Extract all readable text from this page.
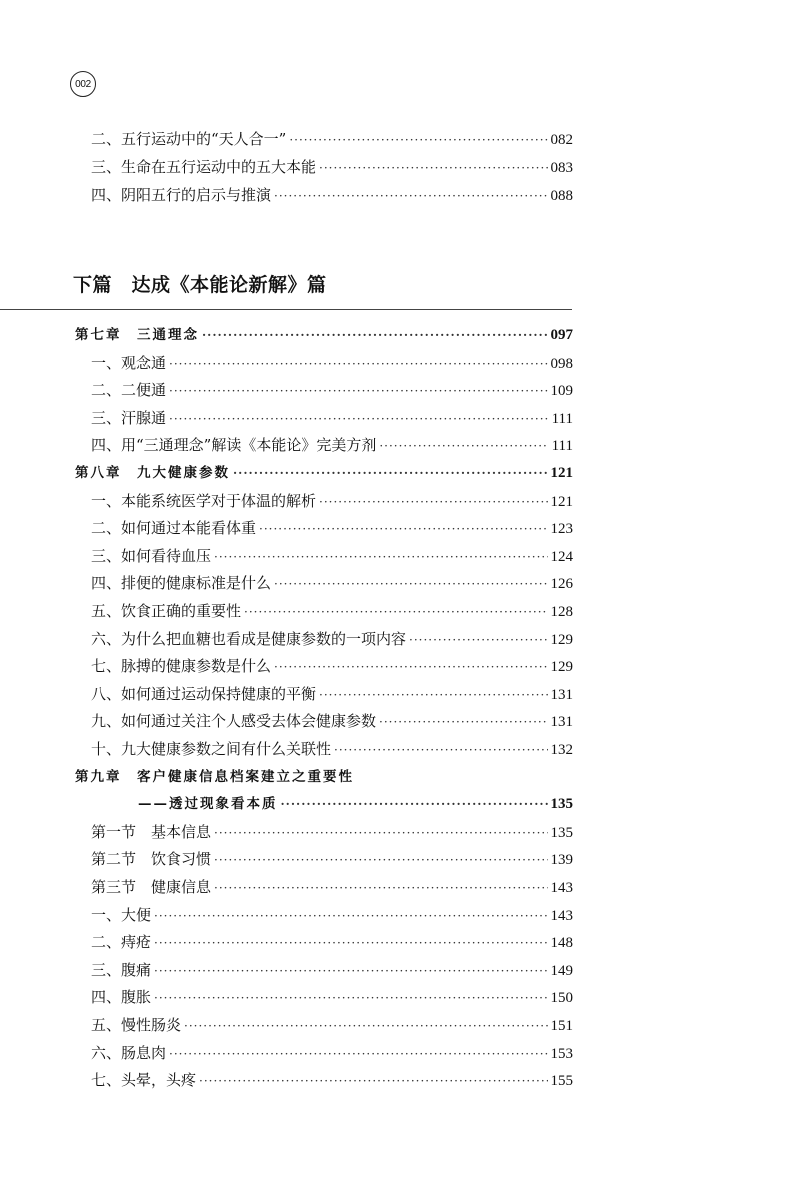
002
二、五行运动中的“天人合一” ·····	082
三、生命在五行运动中的五大本能 ·····	083
四、阴阳五行的启示与推演 ·····	088
下篇　达成《本能论新解》篇
第七章　三通理念 ·····	097
一、观念通 ·····	098
二、二便通 ·····	109
三、汗腺通 ·····	111
四、用“三通理念”解读《本能论》完美方剂 ·····	111
第八章　九大健康参数 ·····	121
一、本能系统医学对于体温的解析 ·····	121
二、如何通过本能看体重 ·····	123
三、如何看待血压 ·····	124
四、排便的健康标准是什么 ·····	126
五、饮食正确的重要性 ·····	128
六、为什么把血糖也看成是健康参数的一项内容 ·····	129
七、脉搏的健康参数是什么 ·····	129
八、如何通过运动保持健康的平衡 ·····	131
九、如何通过关注个人感受去体会健康参数 ·····	131
十、九大健康参数之间有什么关联性 ·····	132
第九章　客户健康信息档案建立之重要性
——透过现象看本质 ·····	135
第一节　基本信息 ·····	135
第二节　饮食习惯 ·····	139
第三节　健康信息 ·····	143
一、大便 ·····	143
二、痔疮 ·····	148
三、腹痛 ·····	149
四、腹胀 ·····	150
五、慢性肠炎 ·····	151
六、肠息肉 ·····	153
七、头晕，头疼 ·····	155
